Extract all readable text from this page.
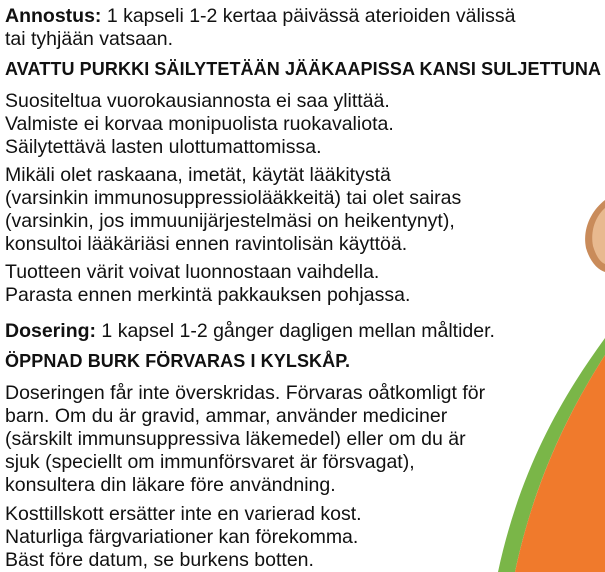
Annostus: 1 kapseli 1-2 kertaa päivässä aterioiden välissä
tai tyhjään vatsaan.
AVATTU PURKKI SÄILYTETÄÄN JÄÄKAAPISSA KANSI SULJETTUNA
Suositeltua vuorokausiannosta ei saa ylittää.
Valmiste ei korvaa monipuolista ruokavaliota.
Säilytettävä lasten ulottumattomissa.
Mikäli olet raskaana, imetät, käytät lääkitystä
(varsinkin immunosuppressiolääkkeitä) tai olet sairas
(varsinkin, jos immuunijärjestelmäsi on heikentynyt),
konsultoi lääkäriäsi ennen ravintolisän käyttöä.
Tuotteen värit voivat luonnostaan vaihdella.
Parasta ennen merkintä pakkauksen pohjassa.
Dosering: 1 kapsel 1-2 gånger dagligen mellan måltider.
ÖPPNAD BURK FÖRVARAS I KYLSKÅP.
Doseringen får inte överskridas. Förvaras oåtkomligt för
barn. Om du är gravid, ammar, använder mediciner
(särskilt immunsuppressiva läkemedel) eller om du är
sjuk (speciellt om immunförsvaret är försvagat),
konsultera din läkare före användning.
Kosttillskott ersätter inte en varierad kost.
Naturliga färgvariationer kan förekomma.
Bäst före datum, se burkens botten.
